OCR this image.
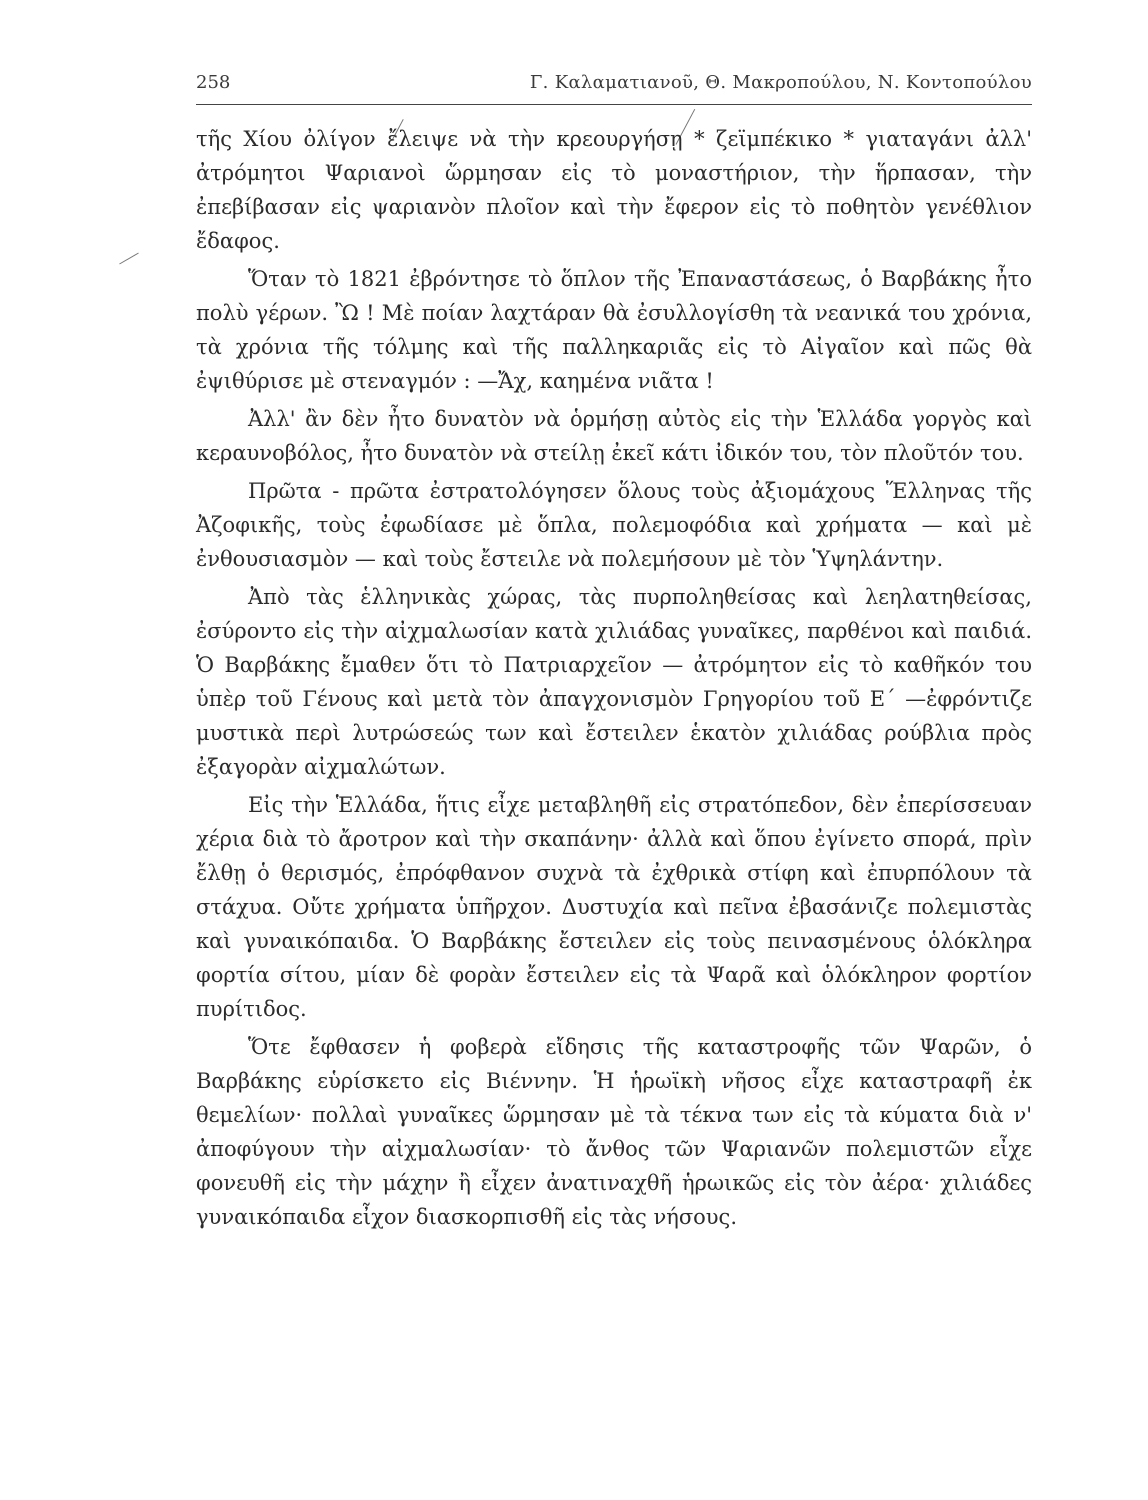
258	Γ. Καλαματιανοῦ, Θ. Μακροπούλου, Ν. Κοντοπούλου

τῆς Χίου ὀλίγον ἔλειψε νὰ τὴν κρεουργήσῃ * ζεϊμπέκικο * γιαταγάνι ἀλλ' ἀτρόμητοι Ψαριανοὶ ὥρμησαν εἰς τὸ μοναστήριον, τὴν ἥρπασαν, τὴν ἐπεβίβασαν εἰς ψαριανὸν πλοῖον καὶ τὴν ἔφερον εἰς τὸ ποθητὸν γενέθλιον ἔδαφος.

Ὅταν τὸ 1821 ἐβρόντησε τὸ ὅπλον τῆς Ἐπαναστάσεως, ὁ Βαρβάκης ἦτο πολὺ γέρων. Ὢ ! Μὲ ποίαν λαχτάραν θὰ ἐσυλλογίσθη τὰ νεανικά του χρόνια, τὰ χρόνια τῆς τόλμης καὶ τῆς παλληκαριᾶς εἰς τὸ Αἰγαῖον καὶ πῶς θὰ ἐψιθύρισε μὲ στεναγμόν : —Ἄχ, καημένα νιᾶτα !

Ἀλλ' ἂν δὲν ἦτο δυνατὸν νὰ ὁρμήσῃ αὐτὸς εἰς τὴν Ἑλλάδα γοργὸς καὶ κεραυνοβόλος, ἦτο δυνατὸν νὰ στείλῃ ἐκεῖ κάτι ἰδικόν του, τὸν πλοῦτόν του.

Πρῶτα - πρῶτα ἐστρατολόγησεν ὅλους τοὺς ἀξιομάχους Ἕλληνας τῆς Ἀζοφικῆς, τοὺς ἐφωδίασε μὲ ὅπλα, πολεμοφόδια καὶ χρήματα — καὶ μὲ ἐνθουσιασμὸν — καὶ τοὺς ἔστειλε νὰ πολεμήσουν μὲ τὸν Ὑψηλάντην.

Ἀπὸ τὰς ἑλληνικὰς χώρας, τὰς πυρποληθείσας καὶ λεηλατηθείσας, ἐσύροντο εἰς τὴν αἰχμαλωσίαν κατὰ χιλιάδας γυναῖκες, παρθένοι καὶ παιδιά. Ὁ Βαρβάκης ἔμαθεν ὅτι τὸ Πατριαρχεῖον — ἀτρόμητον εἰς τὸ καθῆκόν του ὑπὲρ τοῦ Γένους καὶ μετὰ τὸν ἀπαγχονισμὸν Γρηγορίου τοῦ Ε΄ —ἐφρόντιζε μυστικὰ περὶ λυτρώσεώς των καὶ ἔστειλεν ἑκατὸν χιλιάδας ρούβλια πρὸς ἐξαγορὰν αἰχμαλώτων.

Εἰς τὴν Ἑλλάδα, ἥτις εἶχε μεταβληθῆ εἰς στρατόπεδον, δὲν ἐπερίσσευαν χέρια διὰ τὸ ἄροτρον καὶ τὴν σκαπάνην· ἀλλὰ καὶ ὅπου ἐγίνετο σπορά, πρὶν ἔλθῃ ὁ θερισμός, ἐπρόφθανον συχνὰ τὰ ἐχθρικὰ στίφη καὶ ἐπυρπόλουν τὰ στάχυα. Οὔτε χρήματα ὑπῆρχον. Δυστυχία καὶ πεῖνα ἐβασάνιζε πολεμιστὰς καὶ γυναικόπαιδα. Ὁ Βαρβάκης ἔστειλεν εἰς τοὺς πεινασμένους ὁλόκληρα φορτία σίτου, μίαν δὲ φορὰν ἔστειλεν εἰς τὰ Ψαρᾶ καὶ ὁλόκληρον φορτίον πυρίτιδος.

Ὅτε ἔφθασεν ἡ φοβερὰ εἴδησις τῆς καταστροφῆς τῶν Ψαρῶν, ὁ Βαρβάκης εὑρίσκετο εἰς Βιέννην. Ἡ ἡρωϊκὴ νῆσος εἶχε καταστραφῆ ἐκ θεμελίων· πολλαὶ γυναῖκες ὥρμησαν μὲ τὰ τέκνα των εἰς τὰ κύματα διὰ ν' ἀποφύγουν τὴν αἰχμαλωσίαν· τὸ ἄνθος τῶν Ψαριανῶν πολεμιστῶν εἶχε φονευθῆ εἰς τὴν μάχην ἢ εἶχεν ἀνατιναχθῆ ἡρωικῶς εἰς τὸν ἀέρα· χιλιάδες γυναικόπαιδα εἶχον διασκορπισθῆ εἰς τὰς νήσους.
